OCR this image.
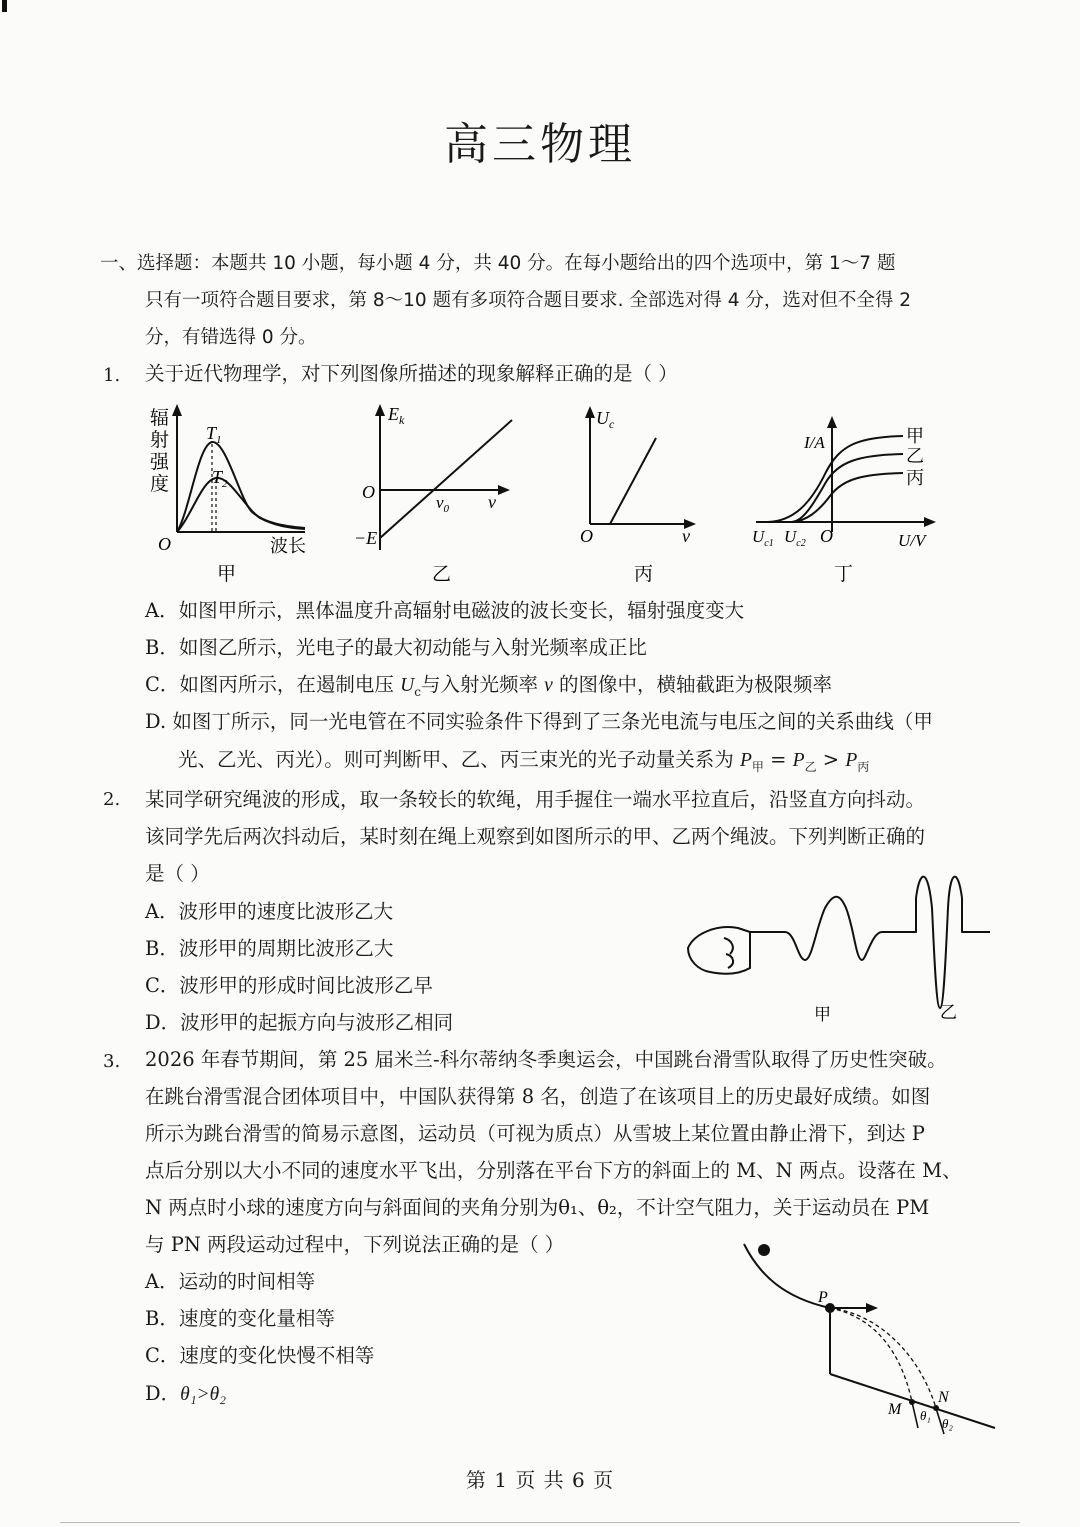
高三物理
一、选择题：本题共 10 小题，每小题 4 分，共 40 分。在每小题给出的四个选项中，第 1～7 题
只有一项符合题目要求，第 8～10 题有多项符合题目要求. 全部选对得 4 分，选对但不全得 2
分，有错选得 0 分。
1. 关于近代物理学，对下列图像所描述的现象解释正确的是（ ）
辐
射
强
度
$T_1$
$T_2$
O	波长
甲
$E_k$
O
$\nu_0$ ν
−E
乙
$U_c$
O	ν
丙
I/A	甲
乙
丙
$U_{c1}$ $U_{c2}$ O	U/V
丁
A．如图甲所示，黑体温度升高辐射电磁波的波长变长，辐射强度变大
B．如图乙所示，光电子的最大初动能与入射光频率成正比
C．如图丙所示，在遏制电压 $U_c$与入射光频率 ν 的图像中，横轴截距为极限频率
D. 如图丁所示，同一光电管在不同实验条件下得到了三条光电流与电压之间的关系曲线（甲
光、乙光、丙光）。则可判断甲、乙、丙三束光的光子动量关系为 $P_甲 = P_乙 > P_丙$
2. 某同学研究绳波的形成，取一条较长的软绳，用手握住一端水平拉直后，沿竖直方向抖动。
该同学先后两次抖动后，某时刻在绳上观察到如图所示的甲、乙两个绳波。下列判断正确的
是（ ）
A．波形甲的速度比波形乙大
B．波形甲的周期比波形乙大
C．波形甲的形成时间比波形乙早
D．波形甲的起振方向与波形乙相同	甲	乙
3. 2026 年春节期间，第 25 届米兰-科尔蒂纳冬季奥运会，中国跳台滑雪队取得了历史性突破。
在跳台滑雪混合团体项目中，中国队获得第 8 名，创造了在该项目上的历史最好成绩。如图
所示为跳台滑雪的简易示意图，运动员（可视为质点）从雪坡上某位置由静止滑下，到达 P
点后分别以大小不同的速度水平飞出，分别落在平台下方的斜面上的 M、N 两点。设落在 M、
N 两点时小球的速度方向与斜面间的夹角分别为θ₁、θ₂，不计空气阻力，关于运动员在 PM
与 PN 两段运动过程中，下列说法正确的是（ ）
A．运动的时间相等
B．速度的变化量相等
C．速度的变化快慢不相等
D．θ₁>θ₂
P
M
N
θ₁
θ₂
第 1 页 共 6 页
